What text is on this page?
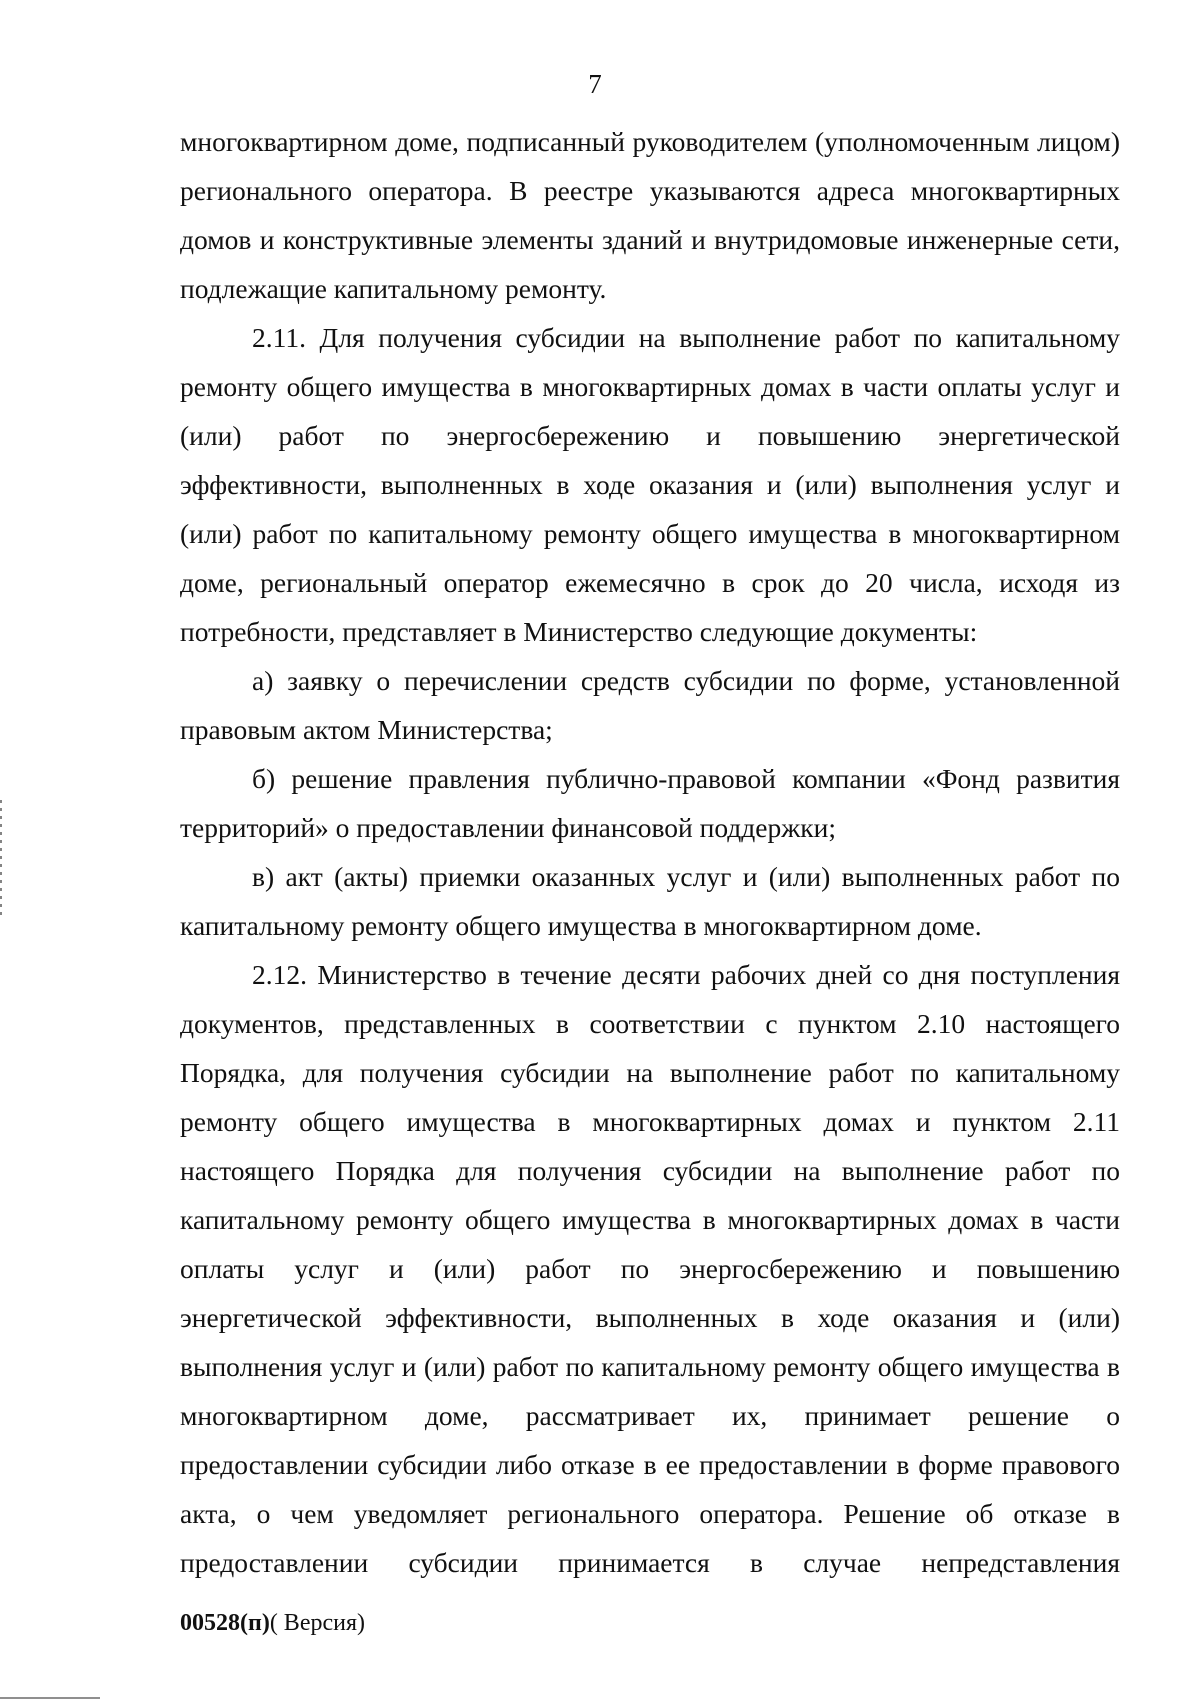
7

многоквартирном доме, подписанный руководителем (уполномоченным лицом) регионального оператора. В реестре указываются адреса многоквартирных домов и конструктивные элементы зданий и внутридомовые инженерные сети, подлежащие капитальному ремонту.

2.11. Для получения субсидии на выполнение работ по капитальному ремонту общего имущества в многоквартирных домах в части оплаты услуг и (или) работ по энергосбережению и повышению энергетической эффективности, выполненных в ходе оказания и (или) выполнения услуг и (или) работ по капитальному ремонту общего имущества в многоквартирном доме, региональный оператор ежемесячно в срок до 20 числа, исходя из потребности, представляет в Министерство следующие документы:

а) заявку о перечислении средств субсидии по форме, установленной правовым актом Министерства;

б) решение правления публично-правовой компании «Фонд развития территорий» о предоставлении финансовой поддержки;

в) акт (акты) приемки оказанных услуг и (или) выполненных работ по капитальному ремонту общего имущества в многоквартирном доме.

2.12. Министерство в течение десяти рабочих дней со дня поступления документов, представленных в соответствии с пунктом 2.10 настоящего Порядка, для получения субсидии на выполнение работ по капитальному ремонту общего имущества в многоквартирных домах и пунктом 2.11 настоящего Порядка для получения субсидии на выполнение работ по капитальному ремонту общего имущества в многоквартирных домах в части оплаты услуг и (или) работ по энергосбережению и повышению энергетической эффективности, выполненных в ходе оказания и (или) выполнения услуг и (или) работ по капитальному ремонту общего имущества в многоквартирном доме, рассматривает их, принимает решение о предоставлении субсидии либо отказе в ее предоставлении в форме правового акта, о чем уведомляет регионального оператора. Решение об отказе в предоставлении субсидии принимается в случае непредставления

00528(п)( Версия)
